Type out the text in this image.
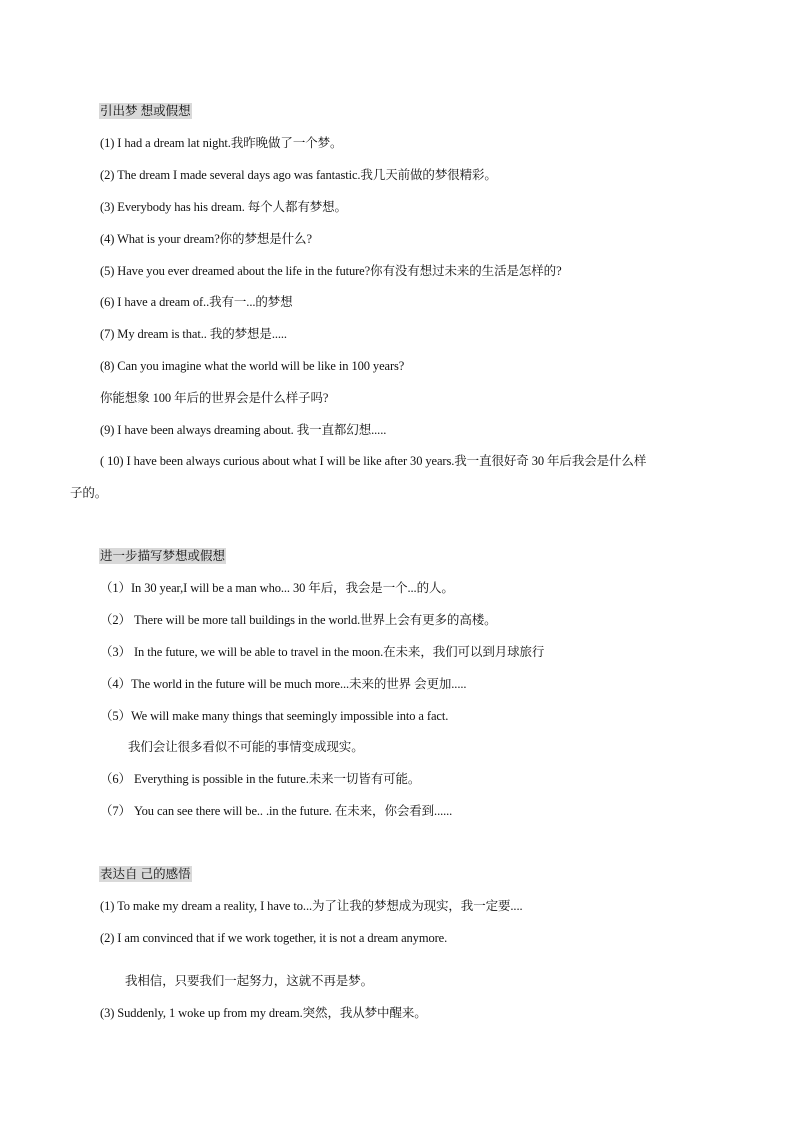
引出梦 想或假想
(1) I had a dream lat night.我昨晚做了一个梦。
(2) The dream I made several days ago was fantastic.我几天前做的梦很精彩。
(3) Everybody has his dream. 每个人都有梦想。
(4) What is your dream?你的梦想是什么?
(5) Have you ever dreamed about the life in the future?你有没有想过未来的生活是怎样的?
(6) I have a dream of..我有一...的梦想
(7) My dream is that.. 我的梦想是.....
(8) Can you imagine what the world will be like in 100 years?
你能想象 100 年后的世界会是什么样子吗?
(9) I have been always dreaming about. 我一直都幻想.....
( 10) I have been always curious about what I will be like after 30 years.我一直很好奇 30 年后我会是什么样
子的。
进一步描写梦想或假想
（1）In 30 year,I will be a man who... 30 年后，我会是一个...的人。
（2） There will be more tall buildings in the world.世界上会有更多的高楼。
（3） In the future, we will be able to travel in the moon.在未来，我们可以到月球旅行
（4）The world in the future will be much more...未来的世界 会更加.....
（5）We will make many things that seemingly impossible into a fact.
我们会让很多看似不可能的事情变成现实。
（6） Everything is possible in the future.未来一切皆有可能。
（7） You can see there will be.. .in the future. 在未来，你会看到......
表达自 己的感悟
(1) To make my dream a reality, I have to...为了让我的梦想成为现实，我一定要....
(2) I am convinced that if we work together, it is not a dream anymore.
我相信，只要我们一起努力，这就不再是梦。
(3) Suddenly, 1 woke up from my dream.突然，我从梦中醒来。
